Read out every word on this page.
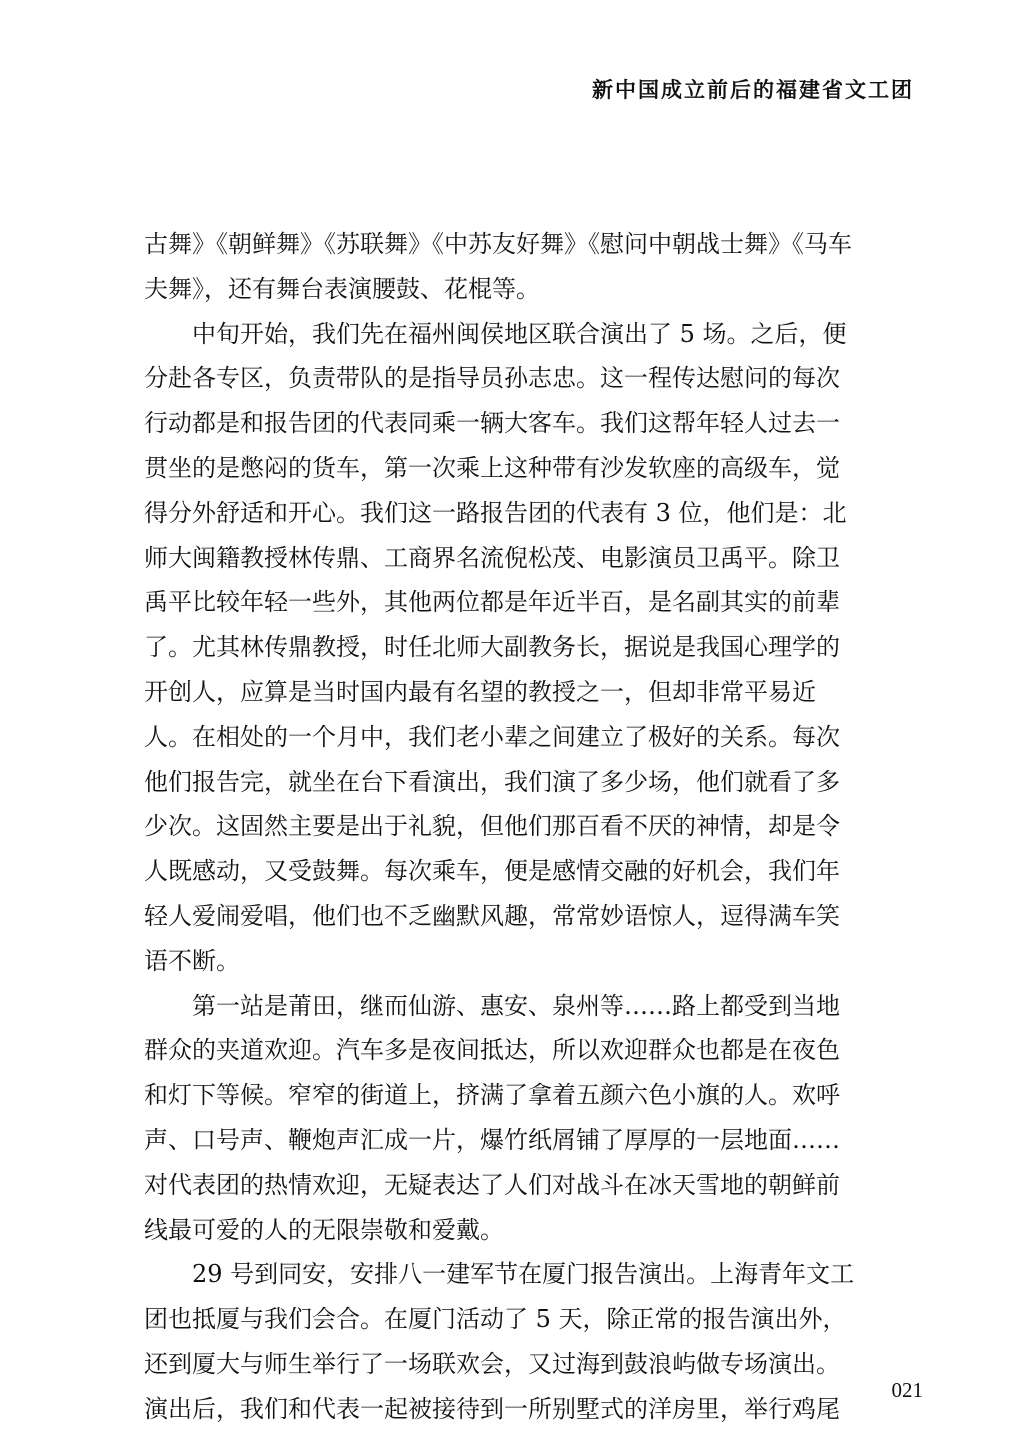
新中国成立前后的福建省文工团
古舞》《朝鲜舞》《苏联舞》《中苏友好舞》《慰问中朝战士舞》《马车
夫舞》，还有舞台表演腰鼓、花棍等。
中旬开始，我们先在福州闽侯地区联合演出了 5 场。之后，便
分赴各专区，负责带队的是指导员孙志忠。这一程传达慰问的每次
行动都是和报告团的代表同乘一辆大客车。我们这帮年轻人过去一
贯坐的是憋闷的货车，第一次乘上这种带有沙发软座的高级车，觉
得分外舒适和开心。我们这一路报告团的代表有 3 位，他们是：北
师大闽籍教授林传鼎、工商界名流倪松茂、电影演员卫禹平。除卫
禹平比较年轻一些外，其他两位都是年近半百，是名副其实的前辈
了。尤其林传鼎教授，时任北师大副教务长，据说是我国心理学的
开创人，应算是当时国内最有名望的教授之一，但却非常平易近
人。在相处的一个月中，我们老小辈之间建立了极好的关系。每次
他们报告完，就坐在台下看演出，我们演了多少场，他们就看了多
少次。这固然主要是出于礼貌，但他们那百看不厌的神情，却是令
人既感动，又受鼓舞。每次乘车，便是感情交融的好机会，我们年
轻人爱闹爱唱，他们也不乏幽默风趣，常常妙语惊人，逗得满车笑
语不断。
第一站是莆田，继而仙游、惠安、泉州等……路上都受到当地
群众的夹道欢迎。汽车多是夜间抵达，所以欢迎群众也都是在夜色
和灯下等候。窄窄的街道上，挤满了拿着五颜六色小旗的人。欢呼
声、口号声、鞭炮声汇成一片，爆竹纸屑铺了厚厚的一层地面……
对代表团的热情欢迎，无疑表达了人们对战斗在冰天雪地的朝鲜前
线最可爱的人的无限崇敬和爱戴。
29 号到同安，安排八一建军节在厦门报告演出。上海青年文工
团也抵厦与我们会合。在厦门活动了 5 天，除正常的报告演出外，
还到厦大与师生举行了一场联欢会，又过海到鼓浪屿做专场演出。
演出后，我们和代表一起被接待到一所别墅式的洋房里，举行鸡尾
021
